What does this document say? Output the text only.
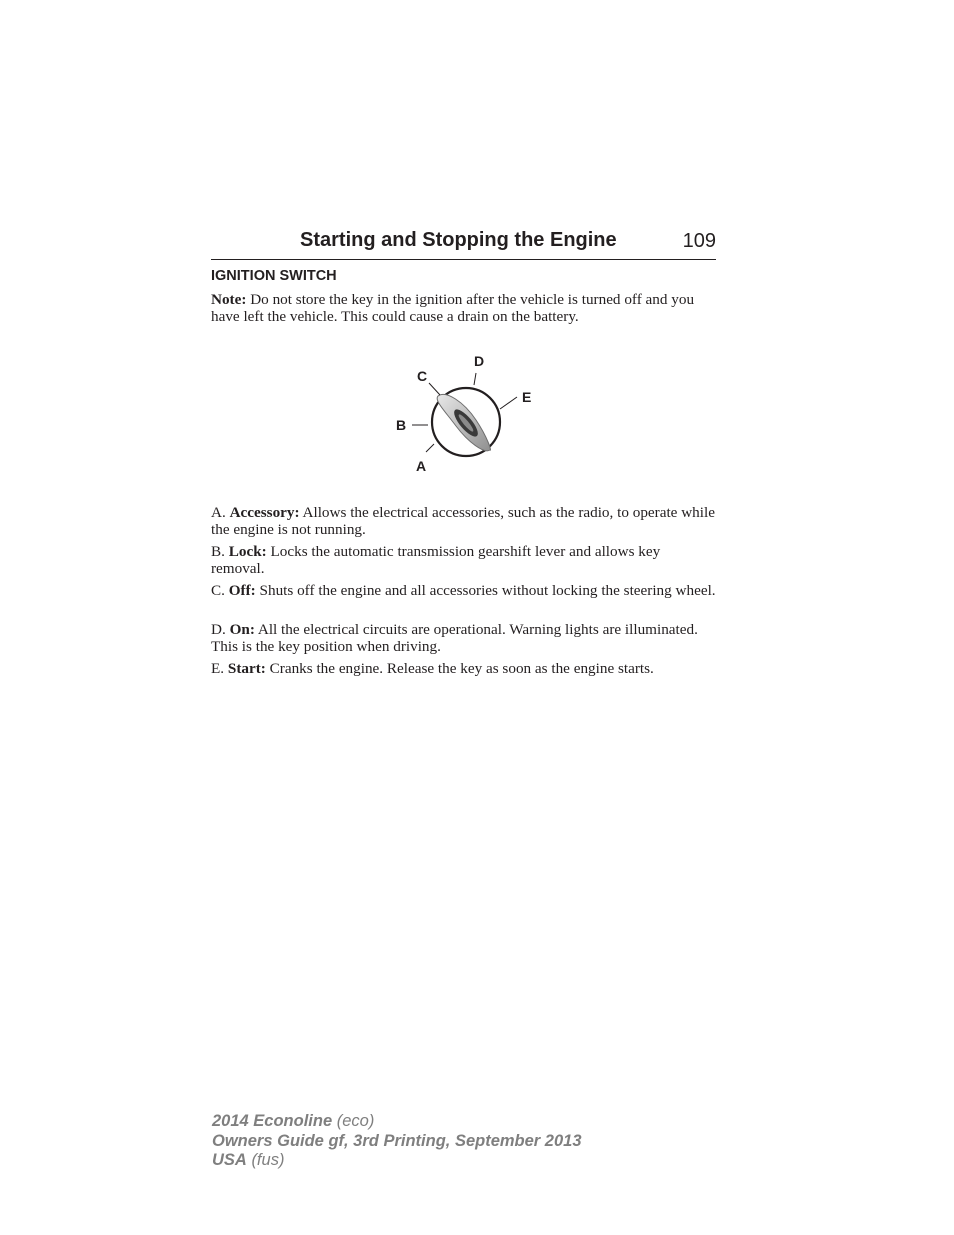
Starting and Stopping the Engine	109
IGNITION SWITCH

Note: Do not store the key in the ignition after the vehicle is turned off and you have left the vehicle. This could cause a drain on the battery.

A
B
C
D
E

A. Accessory: Allows the electrical accessories, such as the radio, to operate while the engine is not running.

B. Lock: Locks the automatic transmission gearshift lever and allows key removal.

C. Off: Shuts off the engine and all accessories without locking the steering wheel.

D. On: All the electrical circuits are operational. Warning lights are illuminated. This is the key position when driving.

E. Start: Cranks the engine. Release the key as soon as the engine starts.

2014 Econoline (eco)
Owners Guide gf, 3rd Printing, September 2013
USA (fus)
